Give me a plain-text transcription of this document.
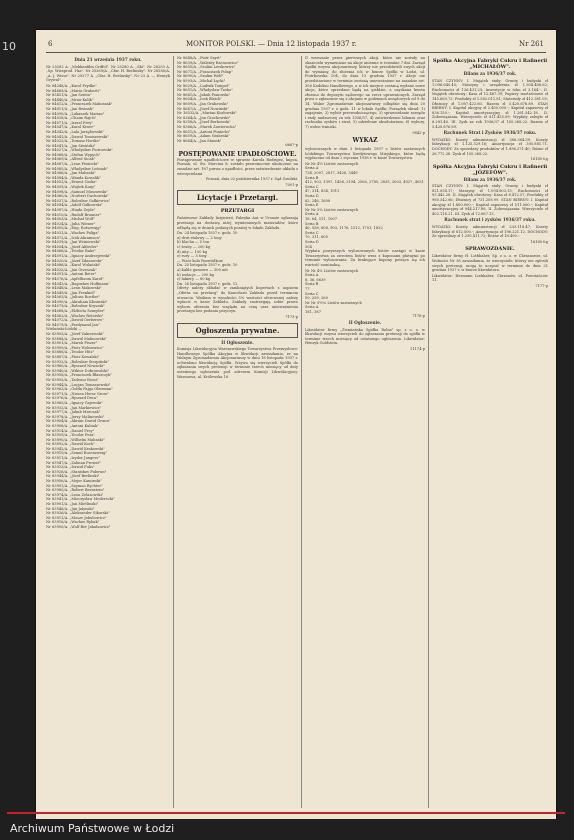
10	6	MONITOR POLSKI. — Dnia 12 listopada 1937 r.	Nr 261
Dnia 21 września 1937 roku.

Nr 25282 A. „Mekkanfilm Griffel". Nr 25280 A. „Ski". Nr 28259 A. „Sp. Wiesprod. I-ka". Nr 25289/A. „Cfar. H. Berlinsky". Nr 28280/A. „A. J. Wisse". Nr 29277 A. „Cfar. H. Berlinsky". Nr 23 A. — Henryk Grywal".

Nr 84248/A. „Karol Frydke"
Nr 84669/A. „Maria Graberti"
Nr 83451/A. „Jan Sztein"
Nr 84440/A. „Mrau-Kulik"
Nr 84612/A. „Franciszek Makuszak"
Nr 84011/A. „Jan Rwinak"
Nr 84090/A. „Lukaszek Marian"
Nr 84028/A. „Chaim Rajch"
Nr 84071/A. „Izrael Frey"
Nr 84047/A. „Karol Kiwer"
Nr 84042/A. „Lala Jarzębowski"
Nr 84041/A. „Dawid Tomiszewski"
Nr 84025/A. „Tomasz Hortke"
Nr 84041/A. „Jan Siwiński"
Nr 84027/A. „Władysław Piotrowski"
Nr 84068/A. „Stefan Wypych"
Nr 84069/A. „Alfred Sicak"
Nr 84067/A. „Leon Piwnicki"
Nr 84085/A. „Władysław Leśniak"
Nr 84086/A. „Jan Malinski"
Nr 84084/A. „Wanda Kowalik"
Nr 84052/A. „Ernest Gadia"
Nr 84059/A. „Wojtek Karp"
Nr 84098/A. „Samuel Muszowski"
Nr 84060/A. „Norbert Dachowski"
Nr 84037/A. „Bolesław Gołkiewicz"
Nr 84094/A. „Adolf Gołkowski"
Nr 84087/A. „Hinda Zejde"
Nr 84010/A. „Rudolf Brauner"
Nr 84003/A. „Michał Wolf"
Nr 84024/A. „Julia Wiener"
Nr 84005/A. „Eng. Rotszwajg"
Nr 84031/A. „Wacław Paliga"
Nr 84072/A. „Icek Abramson"
Nr 84039/A. „Jan Wiśniewski"
Nr 84054/A. „Józef Alfreder"
Nr 84066/A. „Teodor Rabe"
Nr 84091/A. „Ignacy Andrzejewski"
Nr 84020/A. „Józef Zdanowski"
Nr 84086/A. „Karol Wolański"
Nr 84025/A. „Jan Grzeszak"
Nr 84091/A. „Antoni Beter"
Nr 84076/A. „Apfelbaum Karol"
Nr 84043/A. „Bogusław Hoffmann"
Nr 84048/A. „Leon Makowski"
Nr 84049/A. „Jan Frenkiel"
Nr 84063/A. „Juliusz Roetler"
Nr 84090/A. „Abraham Kłosinski"
Nr 84079/A. „Bolesław Kryszak"
Nr 84068/A. „Elżbieta Sznejder"
Nr 84062/A. „Waclaw Reterski"
Nr 84072/A. „Dawid Gerberow"
Nr 84079/A. „Ferdynand Jan"
Wieluński-Łódzki —
Nr 83903/A. „Józef Zakrzewski"
Nr 83888/A. „Dawid Malinowski"
Nr 83901/A. „Marek Fiszer"
Nr 83909/A. „Piotr Wolniewicz"
Nr 83886/A. „Teodor Hitz"
Nr 83887/A. „Piotr Kowalski"
Nr 83932/A. „Bolesław Sierpiński"
Nr 83960/A. „Ryszard Nowacki"
Nr 83940/A. „Wiktor Dobrowolski"
Nr 83958/A. „Franciszek Błaszczyk"
Nr 83955/A. „Tadeusz Rossi"
Nr 83944/A. „Lucjan Tomaszewski"
Nr 83963/A. „Gołda Fajga Oberman"
Nr 83971/A. „Nissen Hersz Gross"
Nr 83976/A. „Ryszard Dera"
Nr 83965/A. „Ignacy Gajewski"
Nr 83932/A. „Jan Markiewicz"
Nr 83977/A. „Jakub Marczak"
Nr 83978/A. „Jerzy Malinowski"
Nr 83904/A. „Abram Dawid Grunn"
Nr 83908/A. „Antoni Kubiak"
Nr 83914/A. „Daniel Frey"
Nr 83959/A. „Teodor Peza"
Nr 83890/A. „Wilhelm Malinski"
Nr 83892/A. „Dawid Koch"
Nr 83942/A. „Dawid Krakowski"
Nr 83919/A. „Szmul Rosenzweig"
Nr 83911/A. „Izydor Jungers"
Nr 83947/A. „Zalman Prowat"
Nr 83923/A. „Dawid Fuks"
Nr 83926/A. „Stanisław Pulerun"
Nr 83944/A. „Józef Berlinski"
Nr 83956/A. „Mejer Kaminski"
Nr 83991/A. „Szymon Rychter"
Nr 83985/A. „Robert Bernstein"
Nr 83974/A. „Leon Zelazowski"
Nr 83941/A. „Mieczysław Mederecki"
Nr 83901/A. „Jan Mietlinski"
Nr 83946/A. „Jan Jalynski"
Nr 83926/A. „Aleksander Sikorski"
Nr 83911/A. „Mosze Jakubowicz"
Nr 83916/A. „Wacław Rybak"
Nr 83900/A. „Wolf Ber Jakubowicz"
Nr 8648/A. „Piotr Szyrt"
Nr 8639/A. „Walenty Rzonsowicz"
Nr 8655/A. „Szulim Lewkowicz"
Nr 8671/A. „Franciszek Połap"
Nr 8690/A. „Szulim Wolf"
Nr 8593/A. „Michał Łęcki"
Nr 8629/A. „Ludwik Tompel"
Nr 8651/A. „Władysław Tasko"
Nr 8661/A. „Jakub Pomorski"
Nr 8604/A. „Icek Bleich"
Nr 8609/A. „Jan Grabowski"
Nr 8667/A. „Józef Nowiński"
Nr 16532/A. „Marian Kozłowski"
Nr 8364/A. „Jan Grochowski"
Nr 8358/A. „Józef Borkowski"
Nr 8366/A. „Marek Zawierucha"
Nr 8651/A. „Antoni Poniecki"
Nr 8659/A. „Adam Grabeski"
Nr 8664/A. „Jan Stanek"
6667-p
POSTĘPOWANIE UPADŁOŚCIOWE.

Postępowanie upadłościowe w sprawie Karola Rodrigez, kupca, Poznań, ul. Św. Marcina 8, zostało prawomocnie ukończone na zasadzie art. 167 prawa o upadłości, przez zatwierdzenie układu z wierzycielami.

Poznań, dnia 22 października 1937 r. Sąd Grodzki.

7001-p
Licytacje i Przetargi.
PRZETARGI

Państwowe Zakłady Inżynierii, Fabryka Aut w Ursusie ogłaszają przetargi na dostawę niżej wymienionych materiałów, które odbędą się w dniach podanych poniżej w lokalu Zakładu.

Dn. 24 listopada 1937 r. godz. 10
a) drut stalowy — 2 tony
b) blacha — 5 ton
c) śruby — 200 kg
d) nity — 100 kg
e) rury — 3 tony
— Wzór kolo Rozwódkow.
Dn. 25 listopada 1937 r. godz. 10
a) kable gumowe — 500 mb
b) izolacje — 200 kg
c) lakiery — 80 kg
Dn. 26 listopada 1937 r. godz. 12

Oferty należy składać w zamkniętych kopertach z napisem „Oferta na przetarg" do Kancelarii Zakładu przed terminem otwarcia. Wadium w wysokości 5% wartości oferowanej należy wpłacić w kasie Zakładu. Zakłady zastrzegają sobie prawo wyboru oferenta bez względu na cenę oraz unieważnienia przetargu bez podania przyczyn.

7173-p
Ogłoszenia prywatne.
II Ogłoszenie.

Komisja Likwidacyjna Warszawskiego Towarzystwa Przemysłowo-Handlowego Spółka Akcyjna w likwidacji zawiadamia, że na Walnym Zgromadzeniu Akcjonariuszy w dniu 18 listopada 1937 r. uchwalono likwidację Spółki. Wzywa się wierzycieli Spółki do zgłaszania swych pretensji w terminie trzech miesięcy od daty ostatniego ogłoszenia pod adresem Komisji Likwidacyjnej: Warszawa, ul. Królewska 16.

II wezwanie przez pierwszych akcji, które nie zostały na okazicielu wymienione na akcje imienne w terminie 7 dni. Zarząd Spółki wzywa akcjonariuszy, którzy nie przedstawili swych akcji do wymiany, do złożenia ich w biurze Spółki w Łodzi, ul. Piotrkowska 104, do dnia 15 grudnia 1937 r. Akcje nie przedstawione w terminie zostaną unieważnione na zasadzie art. 356 Kodeksu Handlowego, a w ich miejsce zostaną wydane nowe akcje, które sprzedane będą na giełdzie, a uzyskana kwota złożona do depozytu sądowego na rzecz uprawnionych. Zarząd prosi o zgłaszanie się z akcjami w godzinach urzędowych od 9 do 14. Walne Zgromadzenie akcjonariuszy odbędzie się dnia 20 grudnia 1937 r. o godz. 11 w lokalu Spółki. Porządek obrad: 1) zagajenie, 2) wybór przewodniczącego, 3) sprawozdanie zarządu i rady nadzorczej za rok 1936/37, 4) zatwierdzenie bilansu oraz rachunku zysków i strat, 5) udzielenie absolutorium, 6) wybory, 7) wolne wnioski.

9842-p
WYKAZ

wylosowanych w dniu 3 listopada 1937 r. listów zastawnych Łódzkiego Towarzystwa Kredytowego Miejskiego, które będą wypłacone od dnia 2 stycznia 1938 r. w kasie Towarzystwa.

Nr Nr 4½ Listów zastawnych
Seria A
734, 2007, 2817, 3428, 3449
Seria B
412, 903, 1397, 1436, 2194, 2506, 2785, 2835, 3003, 4027, 4051
Seria C
47, 314, 834, 1911
Seria D
82, 246, 1608
Seria E
Nr Nr 5% Listów zastawnych
Seria A
18, 64, 511, 1007
Seria B
46, 558, 808, 903, 1176, 1512, 1703, 1832
Seria C
70, 311, 605
Seria D
504

Wypłata powyższych wylosowanych listów nastąpi w kasie Towarzystwa za zwrotem listów wraz z kuponami płatnymi po terminie wylosowania. Za brakujące kupony potrąca się ich wartość nominalną.

Nr Nr 4% Listów zastawnych
Seria A
6, 36, 6639
Seria B
77
Seria C
50, 259, 260
Nr Nr 5½% Listów zastawnych
Seria A
181, 387
7176-p
II Ogłoszenie.

Likwidator firmy „Ziemiańska Spółka Rolna" sp. z o. o. w likwidacji wzywa wierzycieli do zgłaszania pretensji do spółki w terminie trzech miesięcy od ostatniego ogłoszenia. Likwidator: Henryk Goldstein.

11174-p
Spółka Akcyjna Fabryki Cukru i Rafinerii „MICHAŁÓW".
Bilans za 1936/37 rok.

STAN CZYNNY: I. Majątek stały: Grunty i budynki zł 1.096.640.45; Maszyny i urządzenia zł 1.954.488.62; Ruchomości zł 126.431.25; Inwestycje w toku zł 3.164.-. II. Majątek obrotowy: Kasa zł 12.467.39; Papiery wartościowe zł 145.669.72; Produkty zł 1.582.011.81; Materiały zł 412.381.05; Dłużnicy zł 1.087.422.60. Razem zł 5.420.676.89. STAN BIERNY: I. Kapitał akcyjny zł 2.400.000.-; Kapitał zapasowy zł 836.150.-; Kapitał amortyzacyjny zł 1.261.542.18. II. Zobowiązania: Wierzyciele zł 811.435.09; Wypłaty zaległe zł 6.281.40. III. Zysk za rok 1936/37 zł 105.268.22. Razem zł 5.420.676.89.

Rachunek Strat i Zysków 1936/37 roku.

WYDATKI: Koszty administracji zł 386.364.59; Koszty fabrykacji zł 1.125.529.16; Amortyzacja zł 305.881.71. DOCHODY: Ze sprzedaży produktów zł 1.896.271.40; Różne zł 26.772.28. Zysk zł 105.268.22.

16185-Łg
Spółka Akcyjna Fabryki Cukru i Rafinerii „JÓZEFÓW".
Bilans za 1936/37 rok.

STAN CZYNNY: I. Majątek stały: Grunty i budynki zł 821.054.17; Maszyny zł 1.094.803.15; Ruchomości zł 93.442.28. II. Majątek obrotowy: Kasa zł 8.412.57; Produkty zł 980.542.06; Dłużnicy zł 731.208.99. STAN BIERNY: I. Kapitał akcyjny zł 1.800.000.-; Kapitał zapasowy zł 511.060.-; Kapitał amortyzacyjny zł 944.217.88. II. Zobowiązania: Wierzyciele zł 402.118.21. III. Zysk zł 72.067.13.

Rachunek strat i zysków 1936/37 roku.

WYDATKI: Koszty administracji zł 233.118.47; Koszty fabrykacji zł 812.500.-; Amortyzacja zł 196.221.12. DOCHODY: Ze sprzedaży zł 1.295.411.72; Różne zł 18.495.-.

16185-Łg
SPRAWOZDANIE.

Likwidator firmy H. Liebhaber, Sp. z o. o. w Chrzanowie, ul. Wolności Nr 38 zawiadamia, że wierzyciele, którzy nie zgłosili swych pretensji, mogą to uczynić w terminie do dnia 31 grudnia 1937 r. w biurze likwidatora.

Likwidator: Hermann Liebhaber, Chrzanów, ul. Powstańców 11.

7177-p
Archiwum Państwowe w Łodzi
